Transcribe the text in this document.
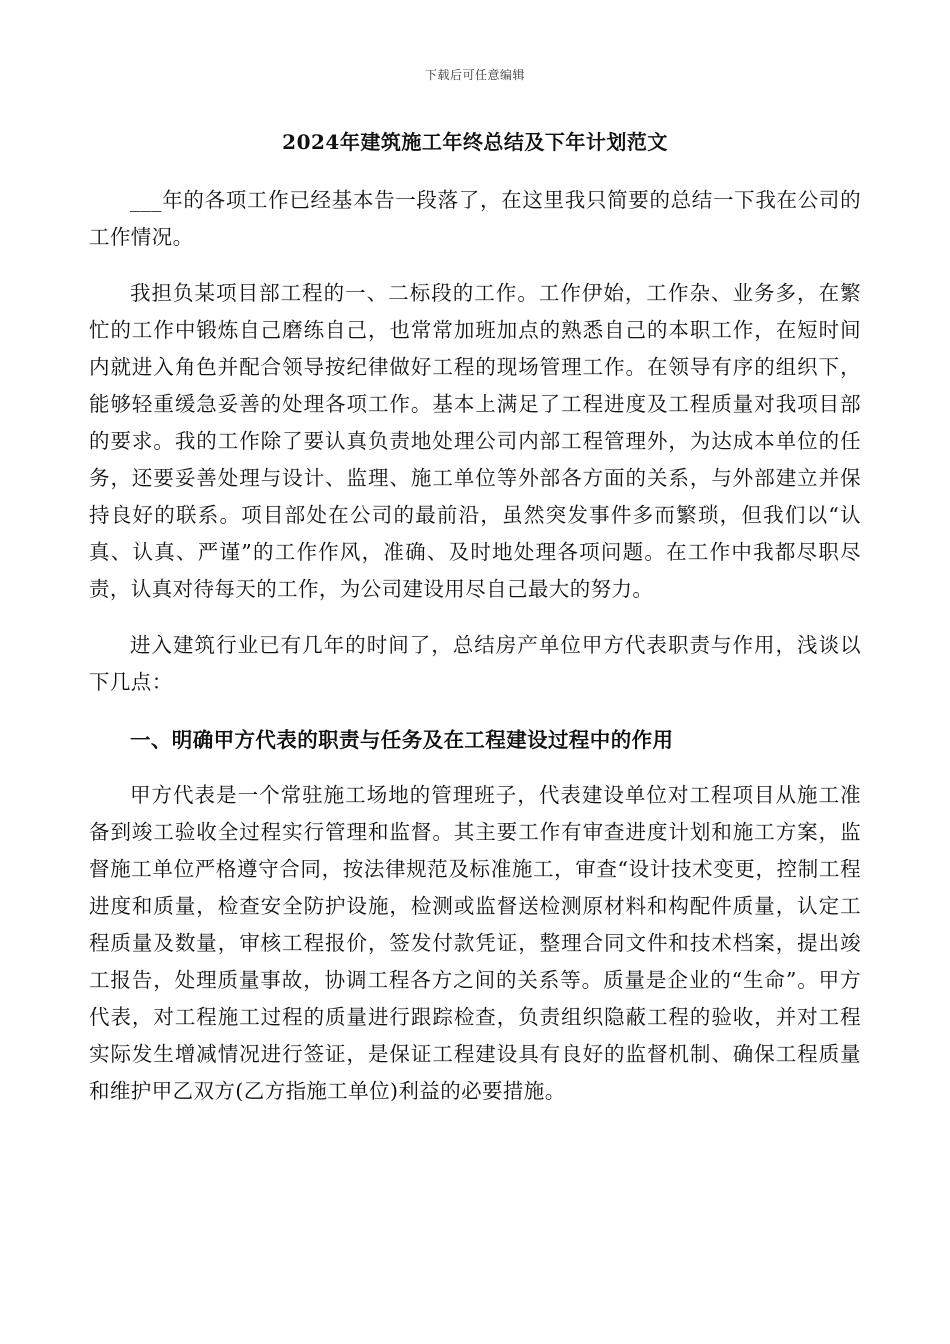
下载后可任意编辑
2024年建筑施工年终总结及下年计划范文

___年的各项工作已经基本告一段落了，在这里我只简要的总结一下我在公司的工作情况。

我担负某项目部工程的一、二标段的工作。工作伊始，工作杂、业务多，在繁忙的工作中锻炼自己磨练自己，也常常加班加点的熟悉自己的本职工作，在短时间内就进入角色并配合领导按纪律做好工程的现场管理工作。在领导有序的组织下，能够轻重缓急妥善的处理各项工作。基本上满足了工程进度及工程质量对我项目部的要求。我的工作除了要认真负责地处理公司内部工程管理外，为达成本单位的任务，还要妥善处理与设计、监理、施工单位等外部各方面的关系，与外部建立并保持良好的联系。项目部处在公司的最前沿，虽然突发事件多而繁琐，但我们以“认真、认真、严谨”的工作作风，准确、及时地处理各项问题。在工作中我都尽职尽责，认真对待每天的工作，为公司建设用尽自己最大的努力。

进入建筑行业已有几年的时间了，总结房产单位甲方代表职责与作用，浅谈以下几点：

一、明确甲方代表的职责与任务及在工程建设过程中的作用

甲方代表是一个常驻施工场地的管理班子，代表建设单位对工程项目从施工准备到竣工验收全过程实行管理和监督。其主要工作有审查进度计划和施工方案，监督施工单位严格遵守合同，按法律规范及标准施工，审查“设计技术变更，控制工程进度和质量，检查安全防护设施，检测或监督送检测原材料和构配件质量，认定工程质量及数量，审核工程报价，签发付款凭证，整理合同文件和技术档案，提出竣工报告，处理质量事故，协调工程各方之间的关系等。质量是企业的“生命”。甲方代表，对工程施工过程的质量进行跟踪检查，负责组织隐蔽工程的验收，并对工程实际发生增减情况进行签证，是保证工程建设具有良好的监督机制、确保工程质量和维护甲乙双方(乙方指施工单位)利益的必要措施。
